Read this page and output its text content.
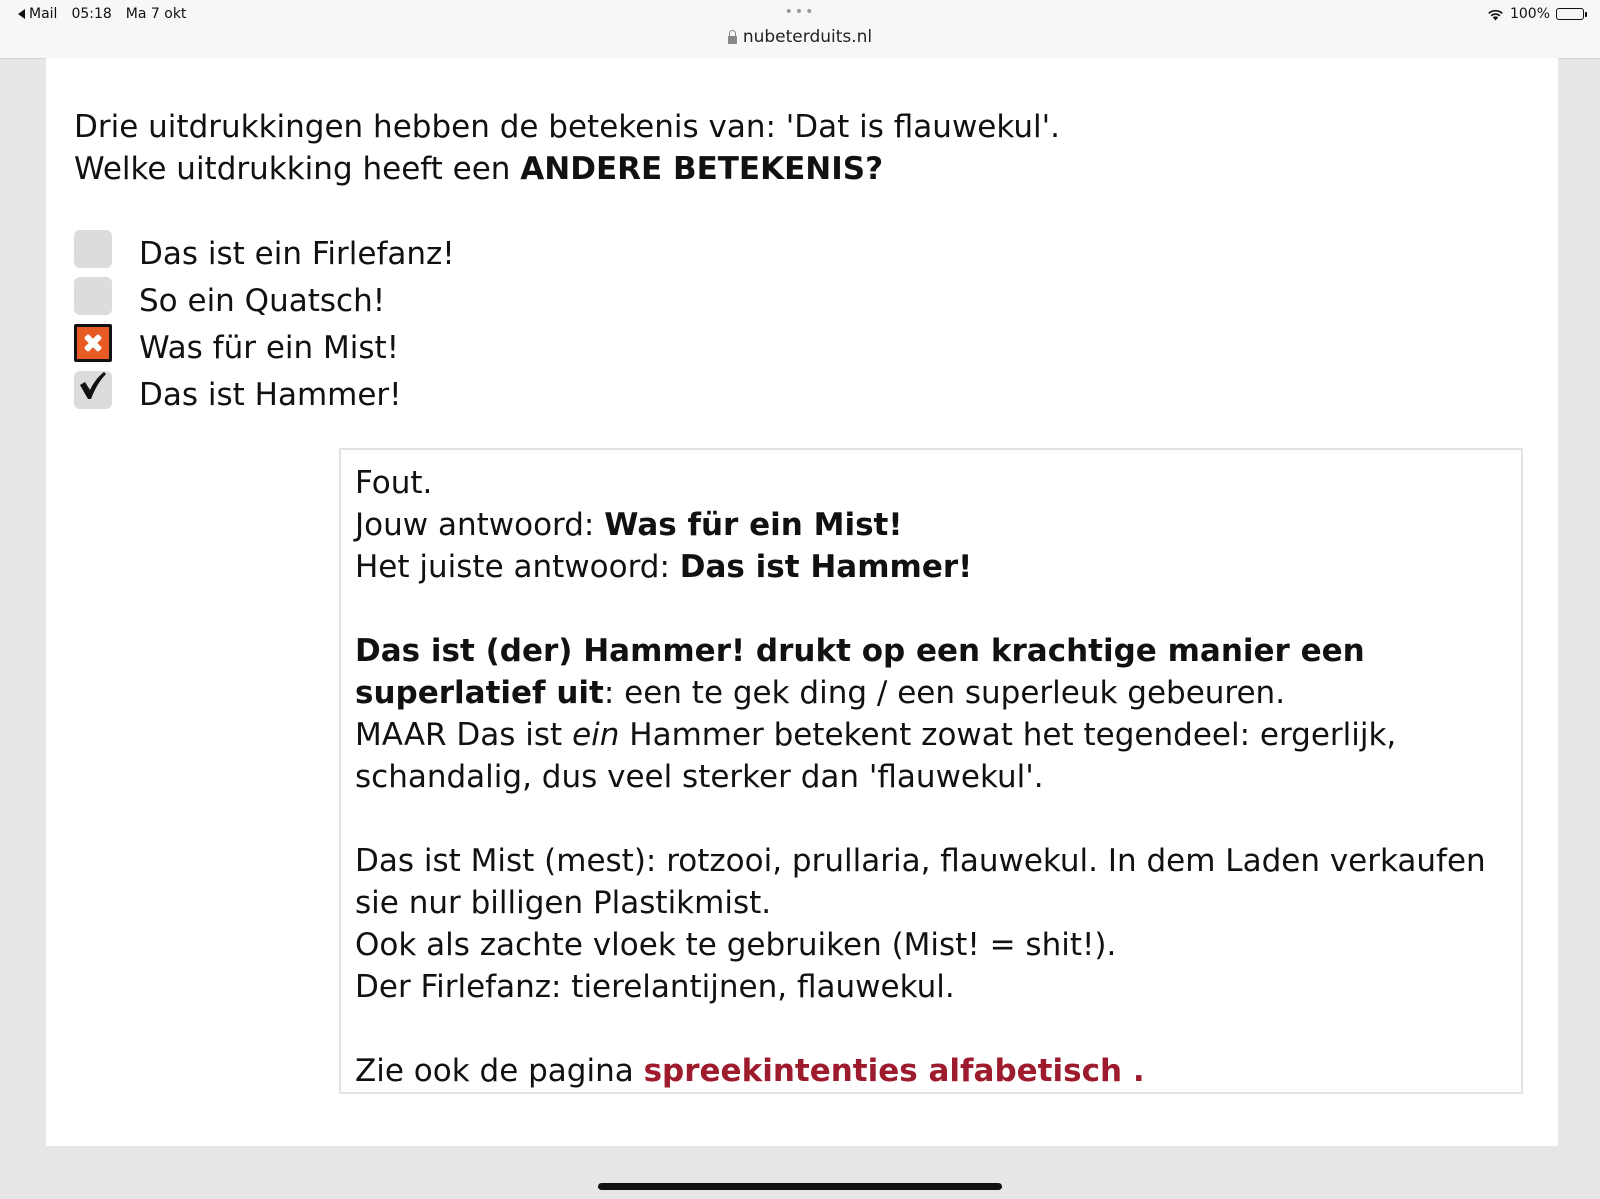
Mail 05:18 Ma 7 okt	•••
nubeterduits.nl
100%
Drie uitdrukkingen hebben de betekenis van: 'Dat is flauwekul'.
Welke uitdrukking heeft een ANDERE BETEKENIS?
Das ist ein Firlefanz!
So ein Quatsch!
Was für ein Mist!
Das ist Hammer!

Fout.

Jouw antwoord: Was für ein Mist!

Het juiste antwoord: Das ist Hammer!

Das ist (der) Hammer! drukt op een krachtige manier een superlatief uit: een te gek ding / een superleuk gebeuren.

MAAR Das ist ein Hammer betekent zowat het tegendeel: ergerlijk, schandalig, dus veel sterker dan 'flauwekul'.

Das ist Mist (mest): rotzooi, prullaria, flauwekul. In dem Laden verkaufen sie nur billigen Plastikmist.

Ook als zachte vloek te gebruiken (Mist! = shit!).

Der Firlefanz: tierelantijnen, flauwekul.

Zie ook de pagina spreekintenties alfabetisch .
